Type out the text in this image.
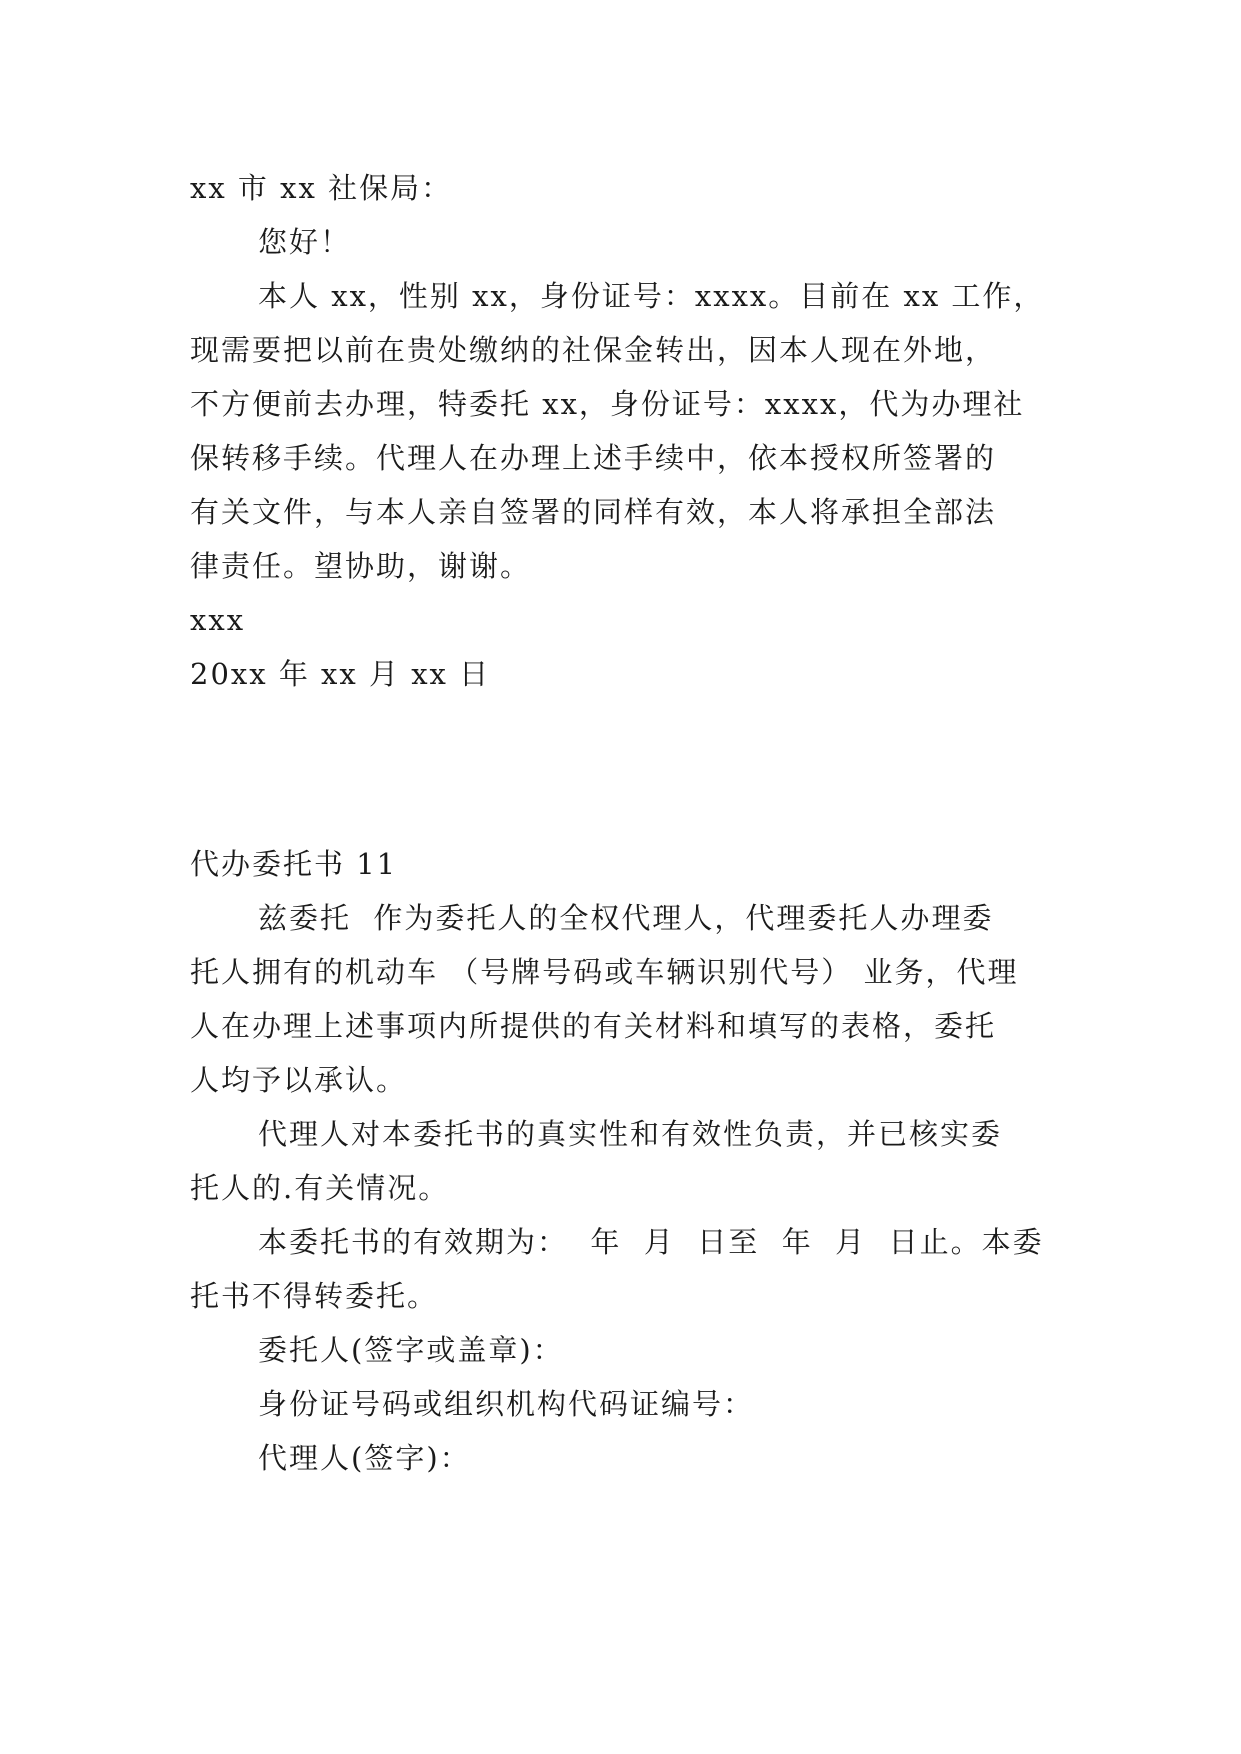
xx 市 xx 社保局：
您好！
本人 xx，性别 xx，身份证号：xxxx。目前在 xx 工作，
现需要把以前在贵处缴纳的社保金转出，因本人现在外地，
不方便前去办理，特委托 xx，身份证号：xxxx，代为办理社
保转移手续。代理人在办理上述手续中，依本授权所签署的
有关文件，与本人亲自签署的同样有效，本人将承担全部法
律责任。望协助，谢谢。
xxx
20xx 年 xx 月 xx 日
代办委托书 11
兹委托  作为委托人的全权代理人，代理委托人办理委
托人拥有的机动车 （号牌号码或车辆识别代号） 业务，代理
人在办理上述事项内所提供的有关材料和填写的表格，委托
人均予以承认。
代理人对本委托书的真实性和有效性负责，并已核实委
托人的.有关情况。
本委托书的有效期为：  年  月  日至  年  月  日止。本委
托书不得转委托。
委托人(签字或盖章)：
身份证号码或组织机构代码证编号：
代理人(签字)：
